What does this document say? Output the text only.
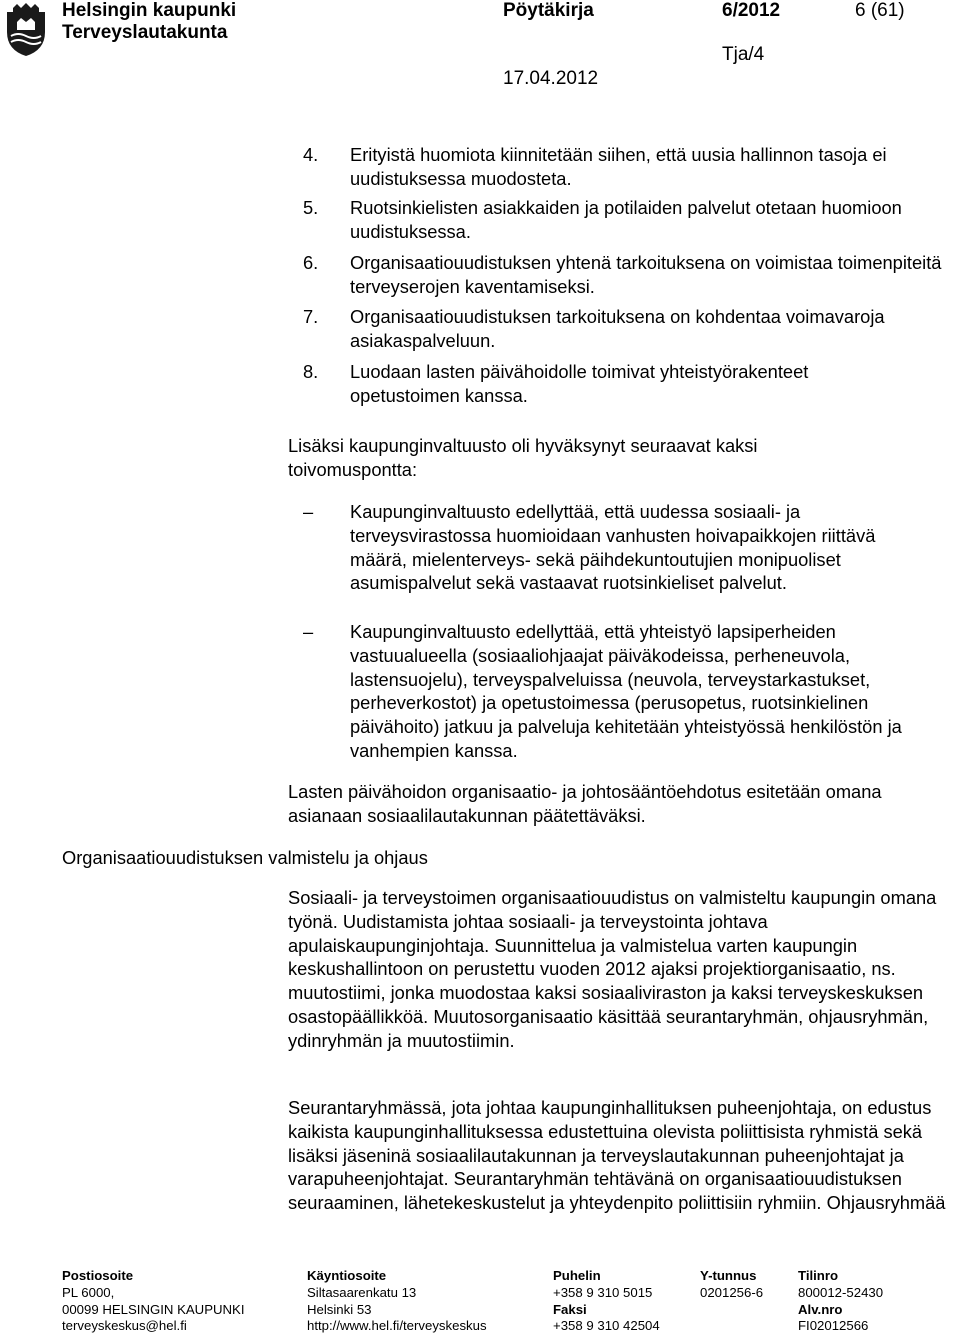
Helsingin kaupunki
Terveyslautakunta
Pöytäkirja	6/2012	6 (61)
Tja/4
17.04.2012
4. Erityistä huomiota kiinnitetään siihen, että uusia hallinnon tasoja ei uudistuksessa muodosteta.
5. Ruotsinkielisten asiakkaiden ja potilaiden palvelut otetaan huomioon uudistuksessa.
6. Organisaatiouudistuksen yhtenä tarkoituksena on voimistaa toimenpiteitä terveyserojen kaventamiseksi.
7. Organisaatiouudistuksen tarkoituksena on kohdentaa voimavaroja asiakaspalveluun.
8. Luodaan lasten päivähoidolle toimivat yhteistyörakenteet opetustoimen kanssa.
Lisäksi kaupunginvaltuusto oli hyväksynyt seuraavat kaksi toivomuspontta:
– Kaupunginvaltuusto edellyttää, että uudessa sosiaali- ja terveysvirastossa huomioidaan vanhusten hoivapaikkojen riittävä määrä, mielenterveys- sekä päihdekuntoutujien monipuoliset asumispalvelut sekä vastaavat ruotsinkieliset palvelut.
– Kaupunginvaltuusto edellyttää, että yhteistyö lapsiperheiden vastuualueella (sosiaaliohjaajat päiväkodeissa, perheneuvola, lastensuojelu), terveyspalveluissa (neuvola, terveystarkastukset, perheverkostot) ja opetustoimessa (perusopetus, ruotsinkielinen päivähoito) jatkuu ja palveluja kehitetään yhteistyössä henkilöstön ja vanhempien kanssa.
Lasten päivähoidon organisaatio- ja johtosääntöehdotus esitetään omana asianaan sosiaalilautakunnan päätettäväksi.
Organisaatiouudistuksen valmistelu ja ohjaus
Sosiaali- ja terveystoimen organisaatiouudistus on valmisteltu kaupungin omana työnä. Uudistamista johtaa sosiaali- ja terveystointa johtava apulaiskaupunginjohtaja. Suunnittelua ja valmistelua varten kaupungin keskushallintoon on perustettu vuoden 2012 ajaksi projektiorganisaatio, ns. muutostiimi, jonka muodostaa kaksi sosiaaliviraston ja kaksi terveyskeskuksen osastopäällikköä. Muutosorganisaatio käsittää seurantaryhmän, ohjausryhmän, ydinryhmän ja muutostiimin.
Seurantaryhmässä, jota johtaa kaupunginhallituksen puheenjohtaja, on edustus kaikista kaupunginhallituksessa edustettuina olevista poliittisista ryhmistä sekä lisäksi jäseninä sosiaalilautakunnan ja terveyslautakunnan puheenjohtajat ja varapuheenjohtajat. Seurantaryhmän tehtävänä on organisaatiouudistuksen seuraaminen, lähetekeskustelut ja yhteydenpito poliittisiin ryhmiin. Ohjausryhmää
Postiosoite
PL 6000,
00099 HELSINGIN KAUPUNKI
terveyskeskus@hel.fi
Käyntiosoite
Siltasaarenkatu 13
Helsinki 53
http://www.hel.fi/terveyskeskus
Puhelin
+358 9 310 5015
Faksi
+358 9 310 42504
Y-tunnus
0201256-6
Tilinro
800012-52430
Alv.nro
FI02012566
